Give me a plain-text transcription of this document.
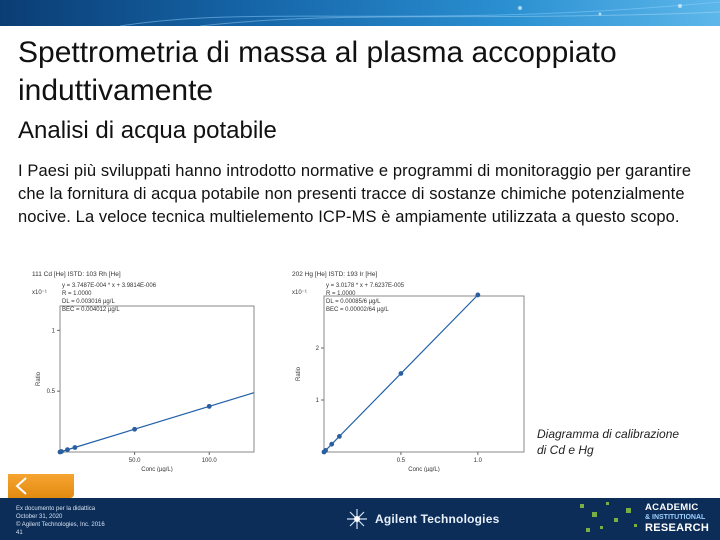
Spettrometria di massa al plasma accoppiato induttivamente
Analisi di acqua potabile
I Paesi più sviluppati hanno introdotto normative e programmi di monitoraggio per garantire che la fornitura di acqua potabile non presenti tracce di sostanze chimiche potenzialmente nocive. La veloce tecnica multielemento ICP-MS è ampiamente utilizzata a questo scopo.
111 Cd [He] ISTD: 103 Rh [He]
y = 3.7487E-004 * x + 3.9814E-006
R = 1.0000
DL = 0.003016 µg/L
BEC = 0.004012 µg/L
x10⁻¹
50.0	100.0
0.5
1
Conc (µg/L)
Ratio
202 Hg [He] ISTD: 193 Ir [He]
y = 3.0178 * x + 7.6237E-005
R = 1.0000
DL = 0.00085/6 µg/L
BEC = 0.00002/64 µg/L
x10⁻¹
0.5	1.0
1
2
Conc (µg/L)
Ratio
Diagramma di calibrazione di Cd e Hg
Ex documento per la didattica
October 31, 2020
© Agilent Technologies, Inc. 2016
41
Agilent Technologies
ACADEMIC
& INSTITUTIONAL
RESEARCH
